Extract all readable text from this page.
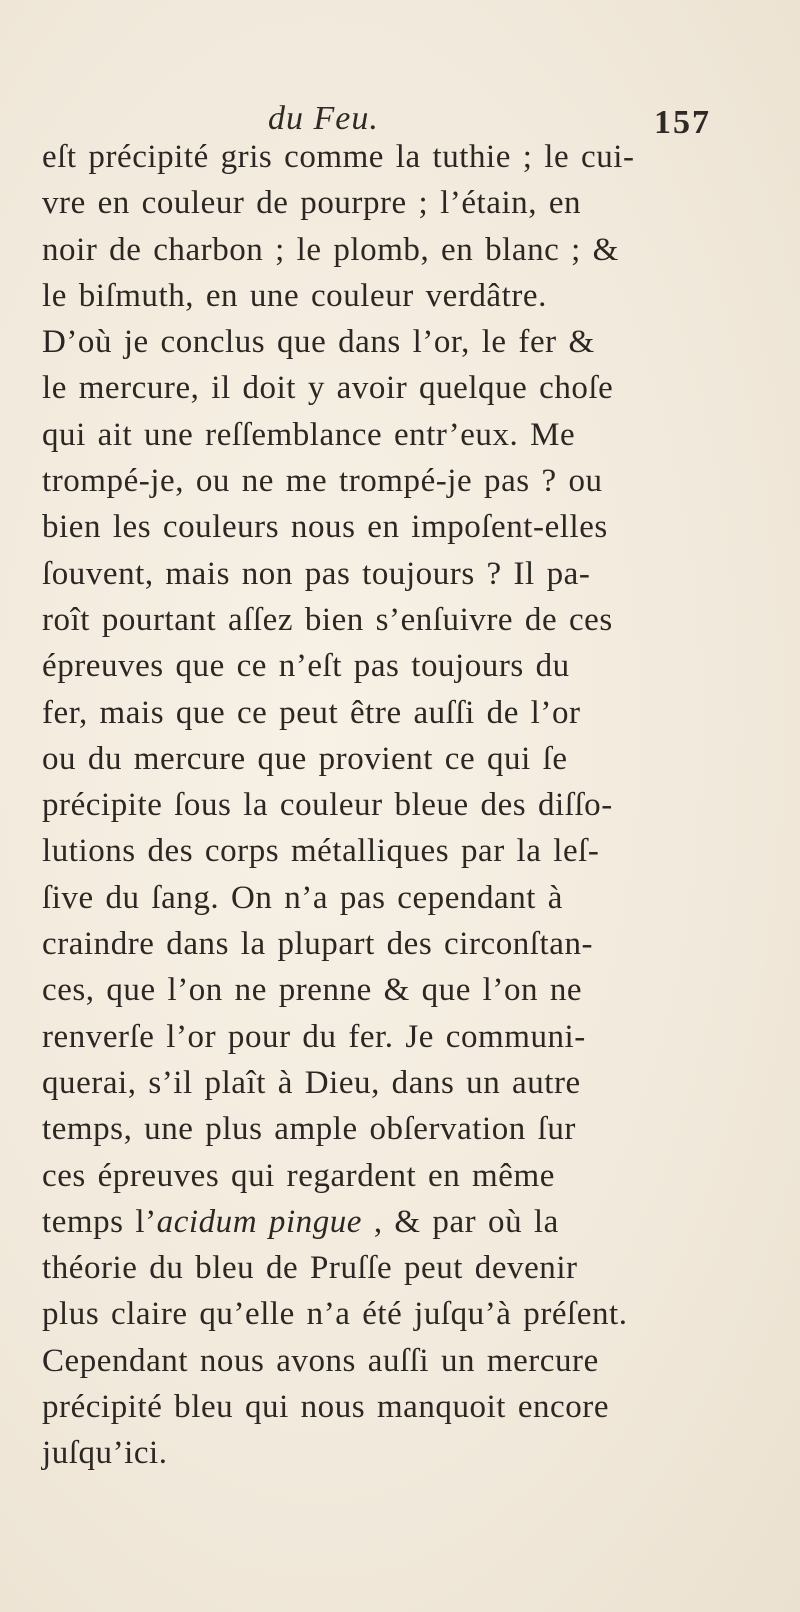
du Feu.	157
eſt précipité gris comme la tuthie ; le cui-
vre en couleur de pourpre ; l’étain, en
noir de charbon ; le plomb, en blanc ; &
le biſmuth, en une couleur verdâtre.
D’où je conclus que dans l’or, le fer &
le mercure, il doit y avoir quelque choſe
qui ait une reſſemblance entr’eux. Me
trompé-je, ou ne me trompé-je pas ? ou
bien les couleurs nous en impoſent-elles
ſouvent, mais non pas toujours ? Il pa-
roît pourtant aſſez bien s’enſuivre de ces
épreuves que ce n’eſt pas toujours du
fer, mais que ce peut être auſſi de l’or
ou du mercure que provient ce qui ſe
précipite ſous la couleur bleue des diſſo-
lutions des corps métalliques par la leſ-
ſive du ſang. On n’a pas cependant à
craindre dans la plupart des circonſtan-
ces, que l’on ne prenne & que l’on ne
renverſe l’or pour du fer. Je communi-
querai, s’il plaît à Dieu, dans un autre
temps, une plus ample obſervation ſur
ces épreuves qui regardent en même
temps l’acidum pingue , & par où la
théorie du bleu de Pruſſe peut devenir
plus claire qu’elle n’a été juſqu’à préſent.
Cependant nous avons auſſi un mercure
précipité bleu qui nous manquoit encore
juſqu’ici.
